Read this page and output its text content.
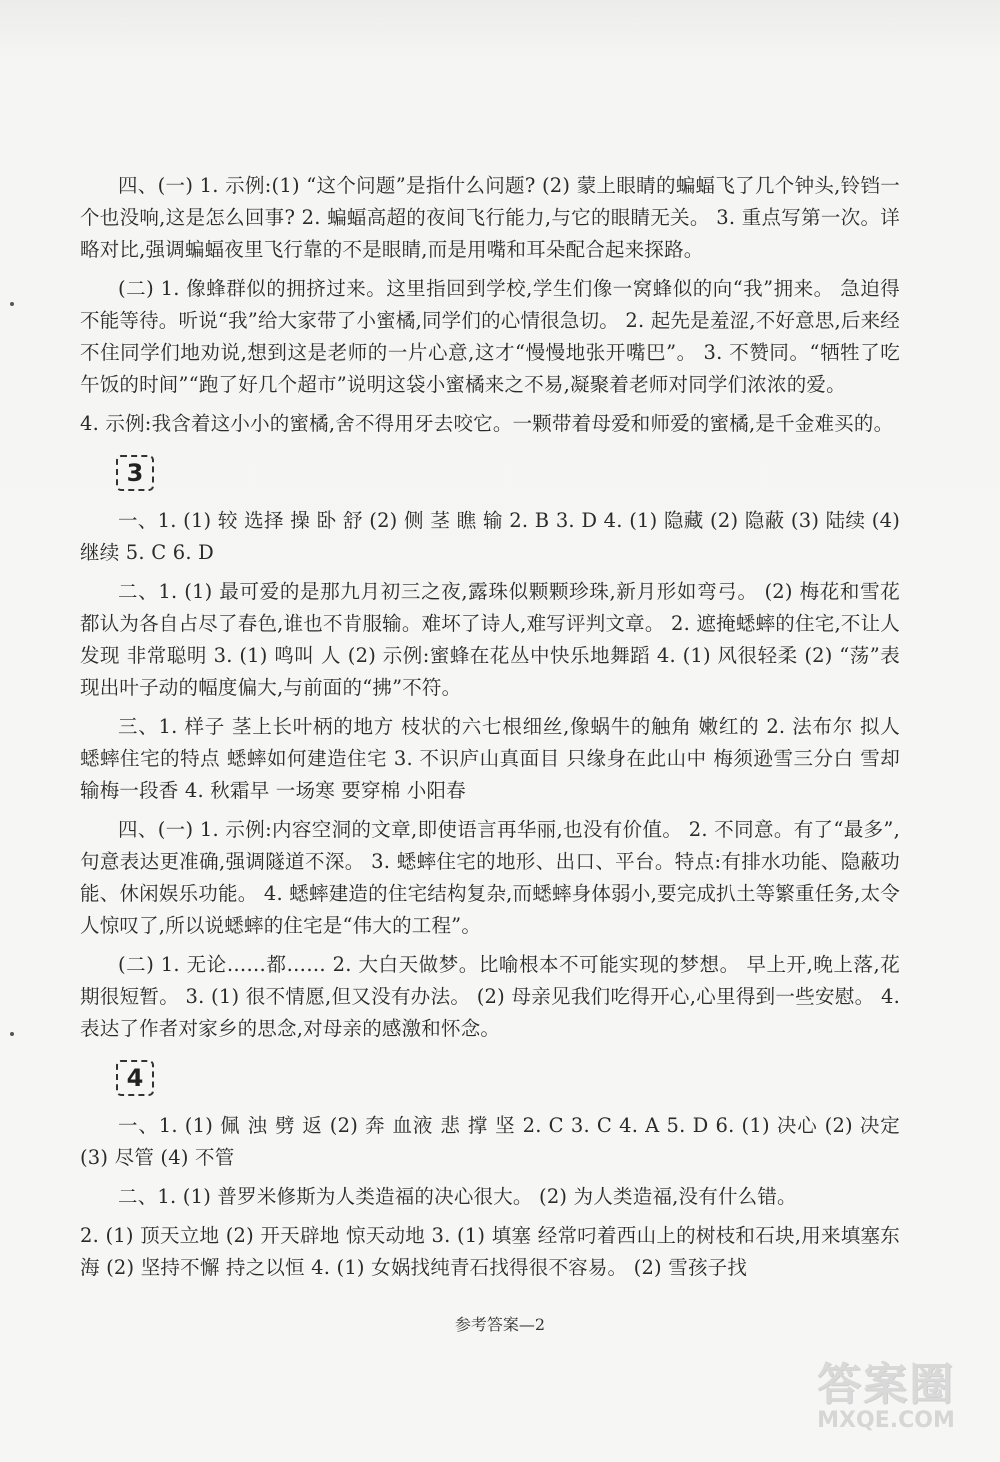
四、(一) 1. 示例:(1) “这个问题”是指什么问题? (2) 蒙上眼睛的蝙蝠飞了几个钟头,铃铛一个也没响,这是怎么回事? 2. 蝙蝠高超的夜间飞行能力,与它的眼睛无关。 3. 重点写第一次。详略对比,强调蝙蝠夜里飞行靠的不是眼睛,而是用嘴和耳朵配合起来探路。

(二) 1. 像蜂群似的拥挤过来。这里指回到学校,学生们像一窝蜂似的向“我”拥来。 急迫得不能等待。听说“我”给大家带了小蜜橘,同学们的心情很急切。 2. 起先是羞涩,不好意思,后来经不住同学们地劝说,想到这是老师的一片心意,这才“慢慢地张开嘴巴”。 3. 不赞同。“牺牲了吃午饭的时间”“跑了好几个超市”说明这袋小蜜橘来之不易,凝聚着老师对同学们浓浓的爱。

4. 示例:我含着这小小的蜜橘,舍不得用牙去咬它。一颗带着母爱和师爱的蜜橘,是千金难买的。

3

一、1. (1) 较 选择 操 卧 舒 (2) 侧 茎 瞧 输 2. B 3. D 4. (1) 隐藏 (2) 隐蔽 (3) 陆续 (4) 继续 5. C 6. D

二、1. (1) 最可爱的是那九月初三之夜,露珠似颗颗珍珠,新月形如弯弓。 (2) 梅花和雪花都认为各自占尽了春色,谁也不肯服输。难坏了诗人,难写评判文章。 2. 遮掩蟋蟀的住宅,不让人发现 非常聪明 3. (1) 鸣叫 人 (2) 示例:蜜蜂在花丛中快乐地舞蹈 4. (1) 风很轻柔 (2) “荡”表现出叶子动的幅度偏大,与前面的“拂”不符。

三、1. 样子 茎上长叶柄的地方 枝状的六七根细丝,像蜗牛的触角 嫩红的 2. 法布尔 拟人 蟋蟀住宅的特点 蟋蟀如何建造住宅 3. 不识庐山真面目 只缘身在此山中 梅须逊雪三分白 雪却输梅一段香 4. 秋霜早 一场寒 要穿棉 小阳春

四、(一) 1. 示例:内容空洞的文章,即使语言再华丽,也没有价值。 2. 不同意。有了“最多”,句意表达更准确,强调隧道不深。 3. 蟋蟀住宅的地形、出口、平台。特点:有排水功能、隐蔽功能、休闲娱乐功能。 4. 蟋蟀建造的住宅结构复杂,而蟋蟀身体弱小,要完成扒土等繁重任务,太令人惊叹了,所以说蟋蟀的住宅是“伟大的工程”。

(二) 1. 无论……都…… 2. 大白天做梦。比喻根本不可能实现的梦想。 早上开,晚上落,花期很短暂。 3. (1) 很不情愿,但又没有办法。 (2) 母亲见我们吃得开心,心里得到一些安慰。 4. 表达了作者对家乡的思念,对母亲的感激和怀念。

4

一、1. (1) 佩 浊 劈 返 (2) 奔 血液 悲 撑 坚 2. C 3. C 4. A 5. D 6. (1) 决心 (2) 决定 (3) 尽管 (4) 不管

二、1. (1) 普罗米修斯为人类造福的决心很大。 (2) 为人类造福,没有什么错。

2. (1) 顶天立地 (2) 开天辟地 惊天动地 3. (1) 填塞 经常叼着西山上的树枝和石块,用来填塞东海 (2) 坚持不懈 持之以恒 4. (1) 女娲找纯青石找得很不容易。 (2) 雪孩子找

参考答案—2
答案圈
MXQE.COM
